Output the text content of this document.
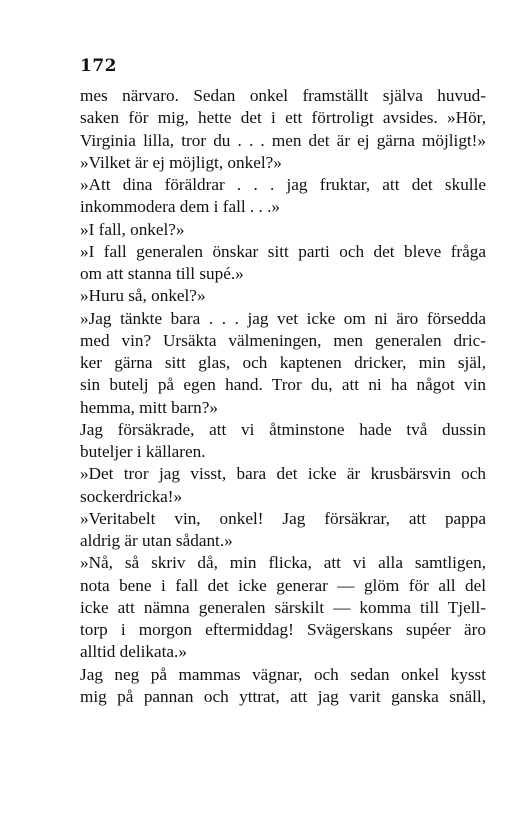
172
mes närvaro. Sedan onkel framställt själva huvud-
saken för mig, hette det i ett förtroligt avsides. »Hör,
Virginia lilla, tror du . . . men det är ej gärna möjligt!»
»Vilket är ej möjligt, onkel?»
»Att dina föräldrar . . . jag fruktar, att det skulle
inkommodera dem i fall . . .»
»I fall, onkel?»
»I fall generalen önskar sitt parti och det bleve fråga
om att stanna till supé.»
»Huru så, onkel?»
»Jag tänkte bara . . . jag vet icke om ni äro försedda
med vin? Ursäkta välmeningen, men generalen dric-
ker gärna sitt glas, och kaptenen dricker, min själ,
sin butelj på egen hand. Tror du, att ni ha något vin
hemma, mitt barn?»
Jag försäkrade, att vi åtminstone hade två dussin
buteljer i källaren.
»Det tror jag visst, bara det icke är krusbärsvin och
sockerdricka!»
»Veritabelt vin, onkel! Jag försäkrar, att pappa
aldrig är utan sådant.»
»Nå, så skriv då, min flicka, att vi alla samtligen,
nota bene i fall det icke generar — glöm för all del
icke att nämna generalen särskilt — komma till Tjell-
torp i morgon eftermiddag! Svägerskans supéer äro
alltid delikata.»
Jag neg på mammas vägnar, och sedan onkel kysst
mig på pannan och yttrat, att jag varit ganska snäll,
